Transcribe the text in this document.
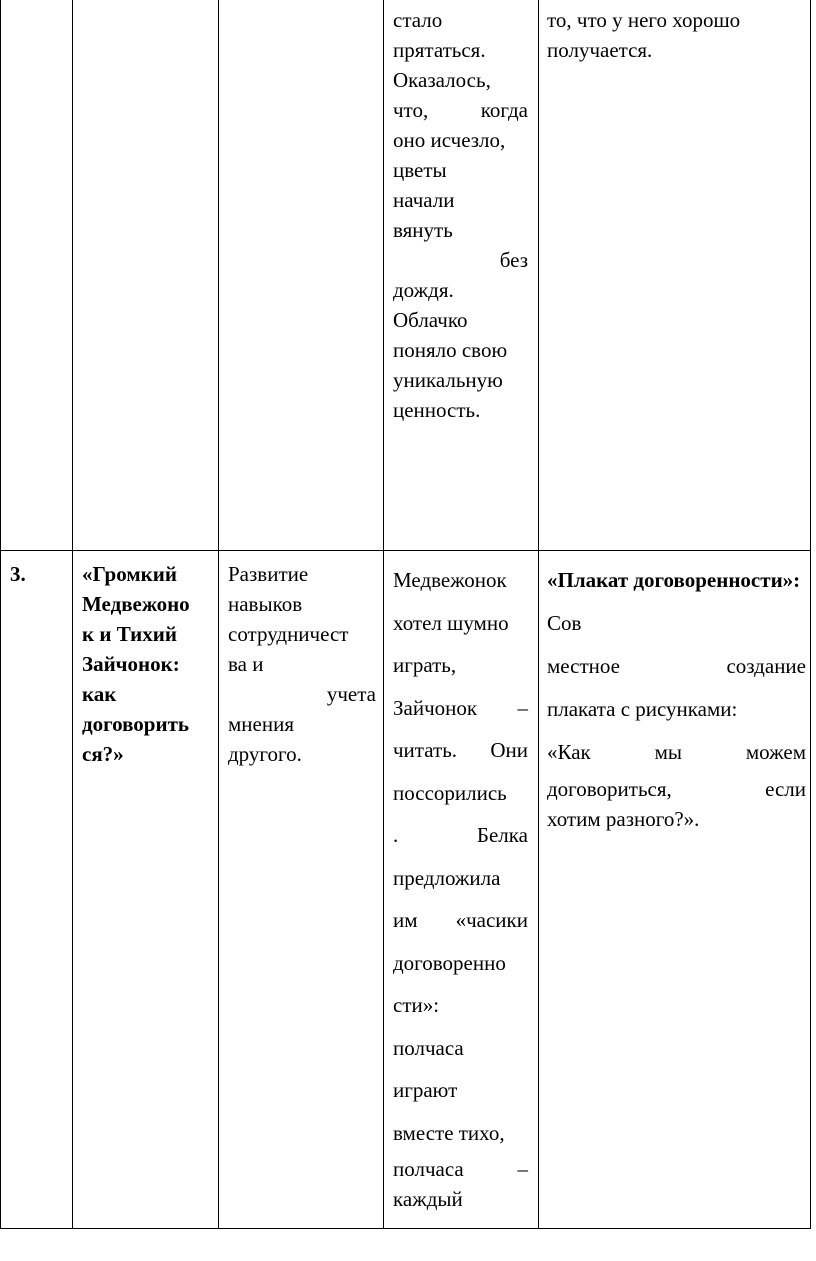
стало

прятаться.

Оказалось,

что, когда

оно исчезло,

цветы

начали

вянуть

без

дождя.

Облачко

поняло свою

уникальную

ценность.

то, что у него хорошо

получается.

3.	«Громкий

Медвежоно

к и Тихий

Зайчонок:

как

договорить

ся?»

Развитие

навыков

сотрудничест

ва и

учета

мнения

другого.

Медвежонок

хотел шумно

играть,

Зайчонок –

читать. Они

поссорились

. Белка

предложила

им «часики

договоренно

сти»:

полчаса

играют

вместе тихо,

полчаса –

каждый

«Плакат договоренности»: Сов

местное создание

плаката с рисунками:

«Как мы можем

договориться, если

хотим разного?».
